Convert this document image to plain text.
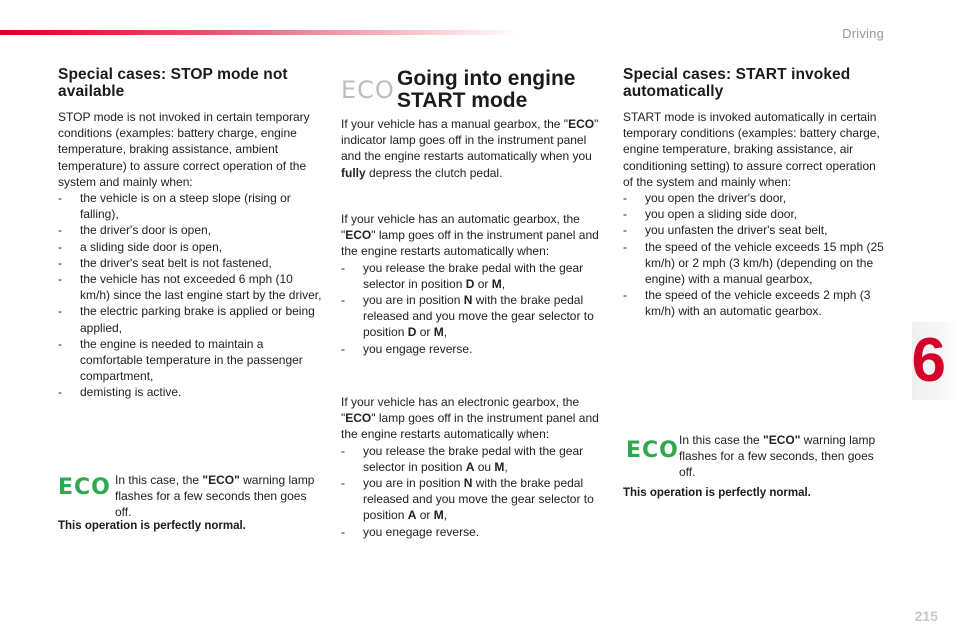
Driving
6
215
Special cases: STOP mode not available

STOP mode is not invoked in certain temporary conditions (examples: battery charge, engine temperature, braking assistance, ambient temperature) to assure correct operation of the system and mainly when:

- the vehicle is on a steep slope (rising or falling),
- the driver's door is open,
- a sliding side door is open,
- the driver's seat belt is not fastened,
- the vehicle has not exceeded 6 mph (10 km/h) since the last engine start by the driver,
- the electric parking brake is applied or being applied,
- the engine is needed to maintain a comfortable temperature in the passenger compartment,
- demisting is active.
ECO In this case, the "ECO" warning lamp flashes for a few seconds then goes off.
This operation is perfectly normal.
ECO Going into engine START mode
If your vehicle has a manual gearbox, the "ECO" indicator lamp goes off in the instrument panel and the engine restarts automatically when you fully depress the clutch pedal.

If your vehicle has an automatic gearbox, the "ECO" lamp goes off in the instrument panel and the engine restarts automatically when:

- you release the brake pedal with the gear selector in position D or M,
- you are in position N with the brake pedal released and you move the gear selector to position D or M,
- you engage reverse.

If your vehicle has an electronic gearbox, the "ECO" lamp goes off in the instrument panel and the engine restarts automatically when:

- you release the brake pedal with the gear selector in position A ou M,
- you are in position N with the brake pedal released and you move the gear selector to position A or M,
- you enegage reverse.
Special cases: START invoked automatically

START mode is invoked automatically in certain temporary conditions (examples: battery charge, engine temperature, braking assistance, air conditioning setting) to assure correct operation of the system and mainly when:

- you open the driver's door,
- you open a sliding side door,
- you unfasten the driver's seat belt,
- the speed of the vehicle exceeds 15 mph (25 km/h) or 2 mph (3 km/h) (depending on the engine) with a manual gearbox,
- the speed of the vehicle exceeds 2 mph (3 km/h) with an automatic gearbox.
ECO In this case the "ECO" warning lamp flashes for a few seconds, then goes off.
This operation is perfectly normal.
